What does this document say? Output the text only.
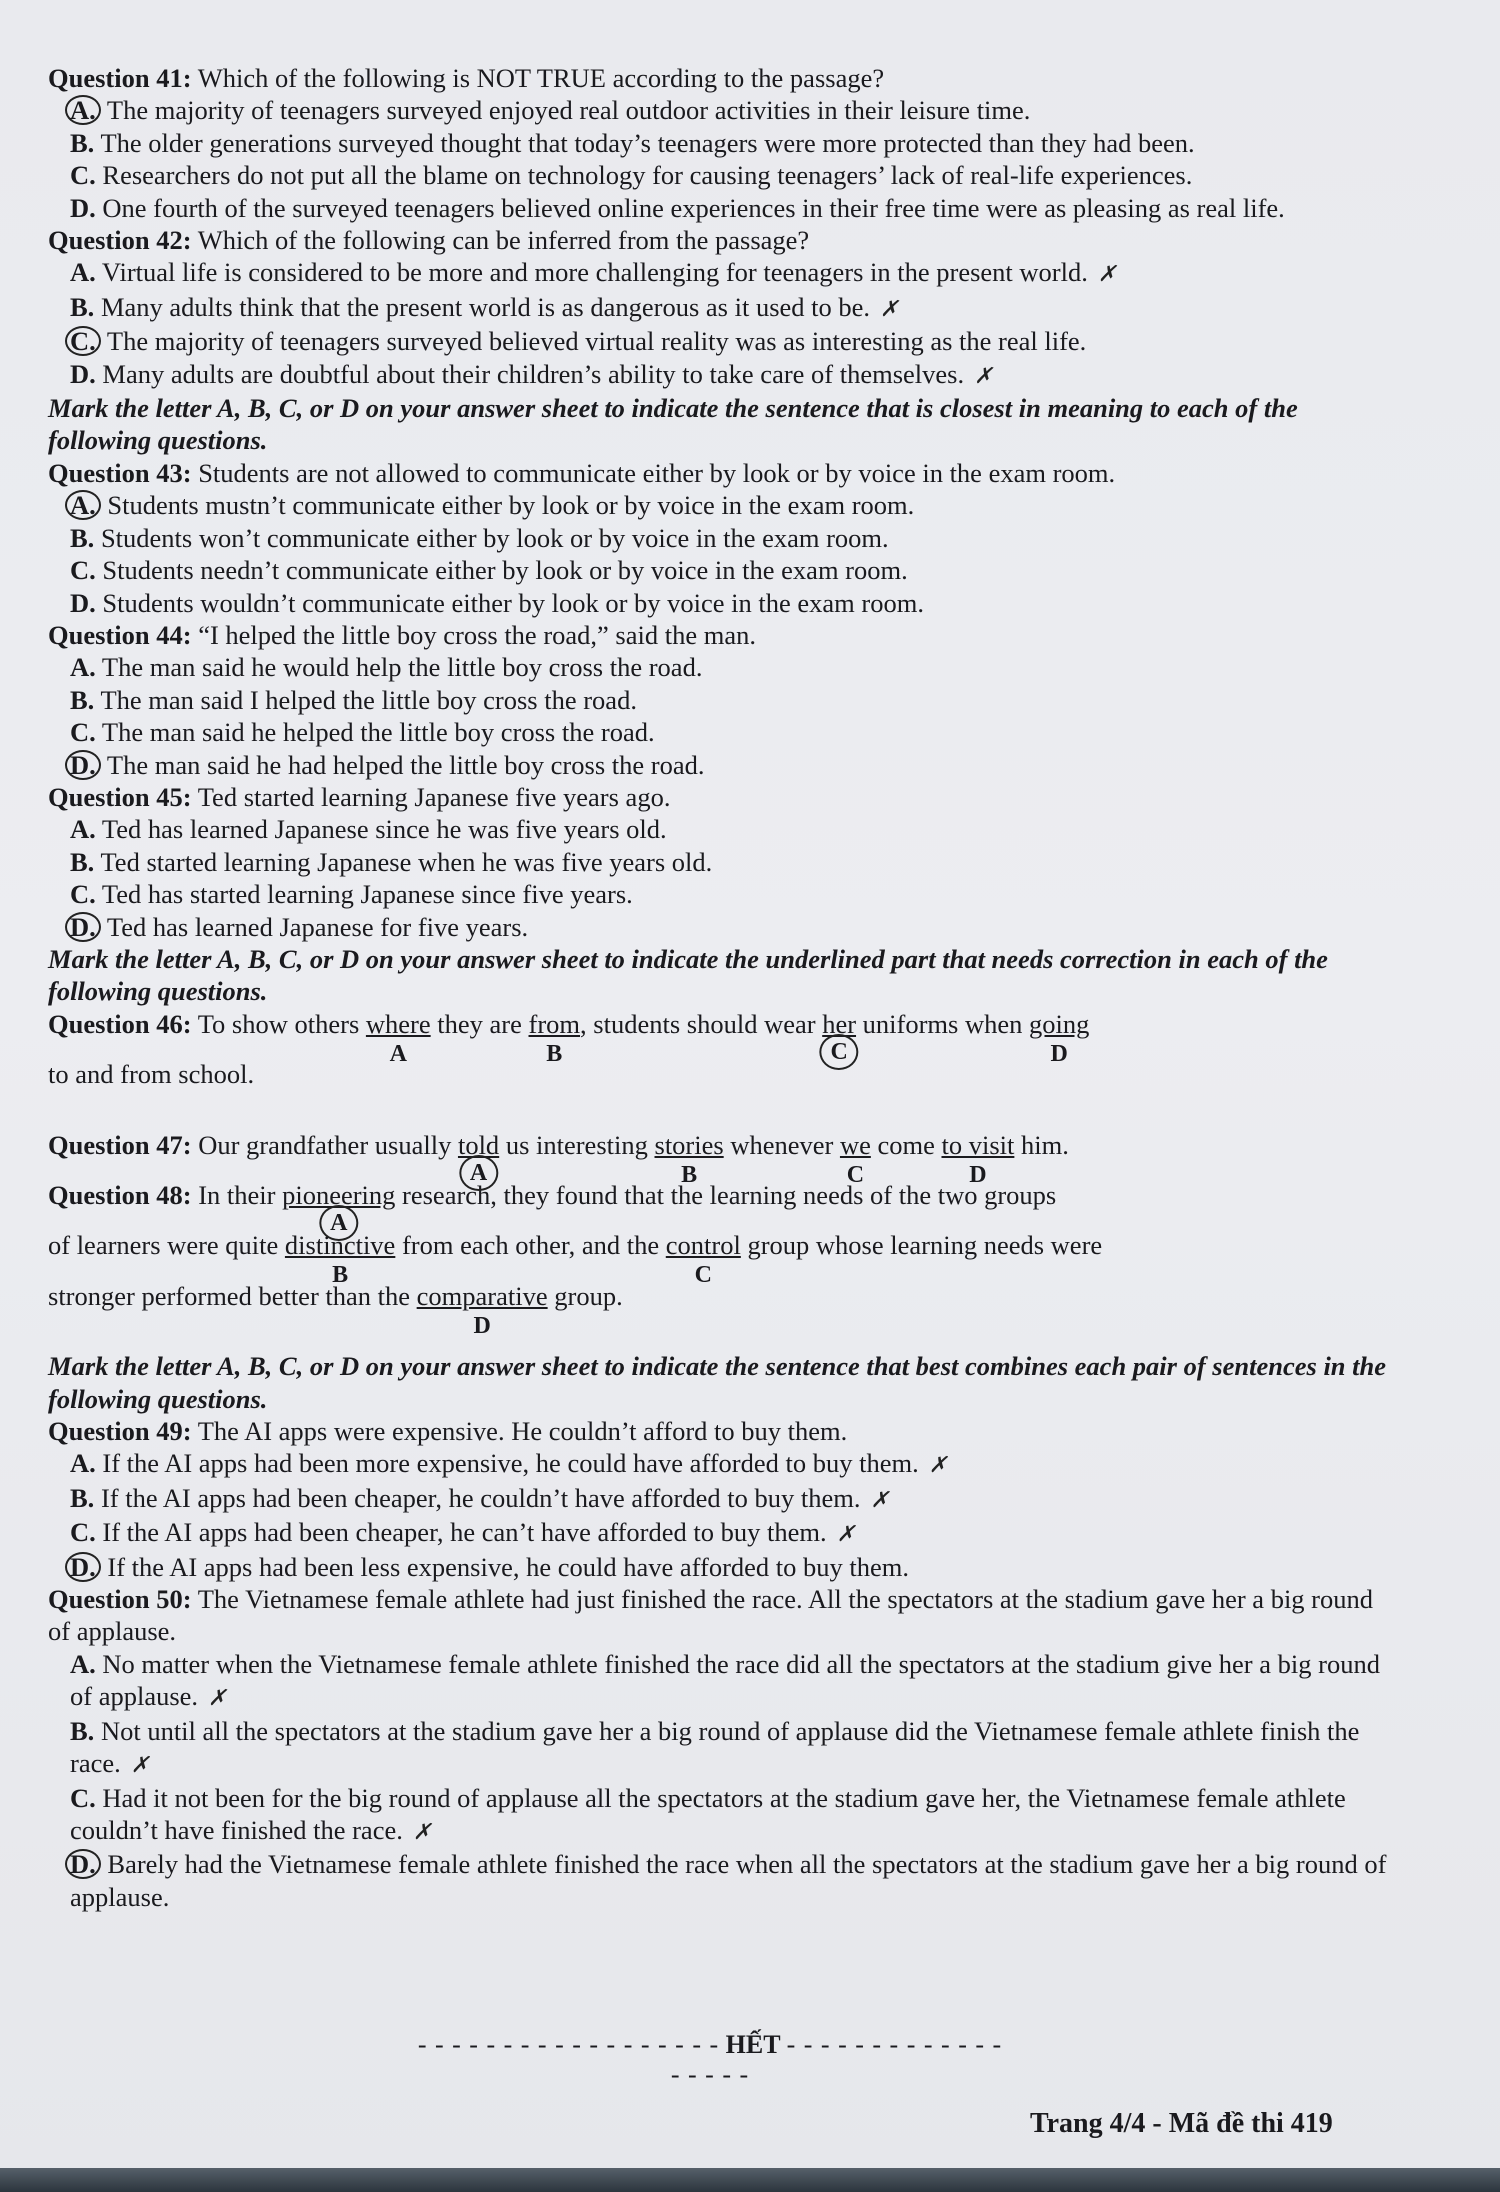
Question 41: Which of the following is NOT TRUE according to the passage?
A. The majority of teenagers surveyed enjoyed real outdoor activities in their leisure time.
B. The older generations surveyed thought that today’s teenagers were more protected than they had been.
C. Researchers do not put all the blame on technology for causing teenagers’ lack of real-life experiences.
D. One fourth of the surveyed teenagers believed online experiences in their free time were as pleasing as real life.
Question 42: Which of the following can be inferred from the passage?
A. Virtual life is considered to be more and more challenging for teenagers in the present world. ✗
B. Many adults think that the present world is as dangerous as it used to be. ✗
C. The majority of teenagers surveyed believed virtual reality was as interesting as the real life.
D. Many adults are doubtful about their children’s ability to take care of themselves. ✗
Mark the letter A, B, C, or D on your answer sheet to indicate the sentence that is closest in meaning to each of the following questions.
Question 43: Students are not allowed to communicate either by look or by voice in the exam room.
A. Students mustn’t communicate either by look or by voice in the exam room.
B. Students won’t communicate either by look or by voice in the exam room.
C. Students needn’t communicate either by look or by voice in the exam room.
D. Students wouldn’t communicate either by look or by voice in the exam room.
Question 44: “I helped the little boy cross the road,” said the man.
A. The man said he would help the little boy cross the road.
B. The man said I helped the little boy cross the road.
C. The man said he helped the little boy cross the road.
D. The man said he had helped the little boy cross the road.
Question 45: Ted started learning Japanese five years ago.
A. Ted has learned Japanese since he was five years old.
B. Ted started learning Japanese when he was five years old.
C. Ted has started learning Japanese since five years.
D. Ted has learned Japanese for five years.
Mark the letter A, B, C, or D on your answer sheet to indicate the underlined part that needs correction in each of the following questions.
Question 46: To show others where
A
they are from
B
, students should wear her
C
uniforms when going
D
to and from school.
Question 47: Our grandfather usually told
A
us interesting stories
B
whenever we
C
come to visit
D
him.
Question 48: In their pioneering
A
research, they found that the learning needs of the two groups
of learners were quite distinctive
B
from each other, and the control
C
group whose learning needs were
stronger performed better than the comparative
D
group.
Mark the letter A, B, C, or D on your answer sheet to indicate the sentence that best combines each pair of sentences in the following questions.
Question 49: The AI apps were expensive. He couldn’t afford to buy them.
A. If the AI apps had been more expensive, he could have afforded to buy them. ✗
B. If the AI apps had been cheaper, he couldn’t have afforded to buy them. ✗
C. If the AI apps had been cheaper, he can’t have afforded to buy them. ✗
D. If the AI apps had been less expensive, he could have afforded to buy them.
Question 50: The Vietnamese female athlete had just finished the race. All the spectators at the stadium gave her a big round of applause.
A. No matter when the Vietnamese female athlete finished the race did all the spectators at the stadium give her a big round of applause. ✗
B. Not until all the spectators at the stadium gave her a big round of applause did the Vietnamese female athlete finish the race. ✗
C. Had it not been for the big round of applause all the spectators at the stadium gave her, the Vietnamese female athlete couldn’t have finished the race. ✗
D. Barely had the Vietnamese female athlete finished the race when all the spectators at the stadium gave her a big round of applause.
- - - - - - - - - - - - - - - - - - HẾT - - - - - - - - - - - - - - - - - -
Trang 4/4 - Mã đề thi 419
